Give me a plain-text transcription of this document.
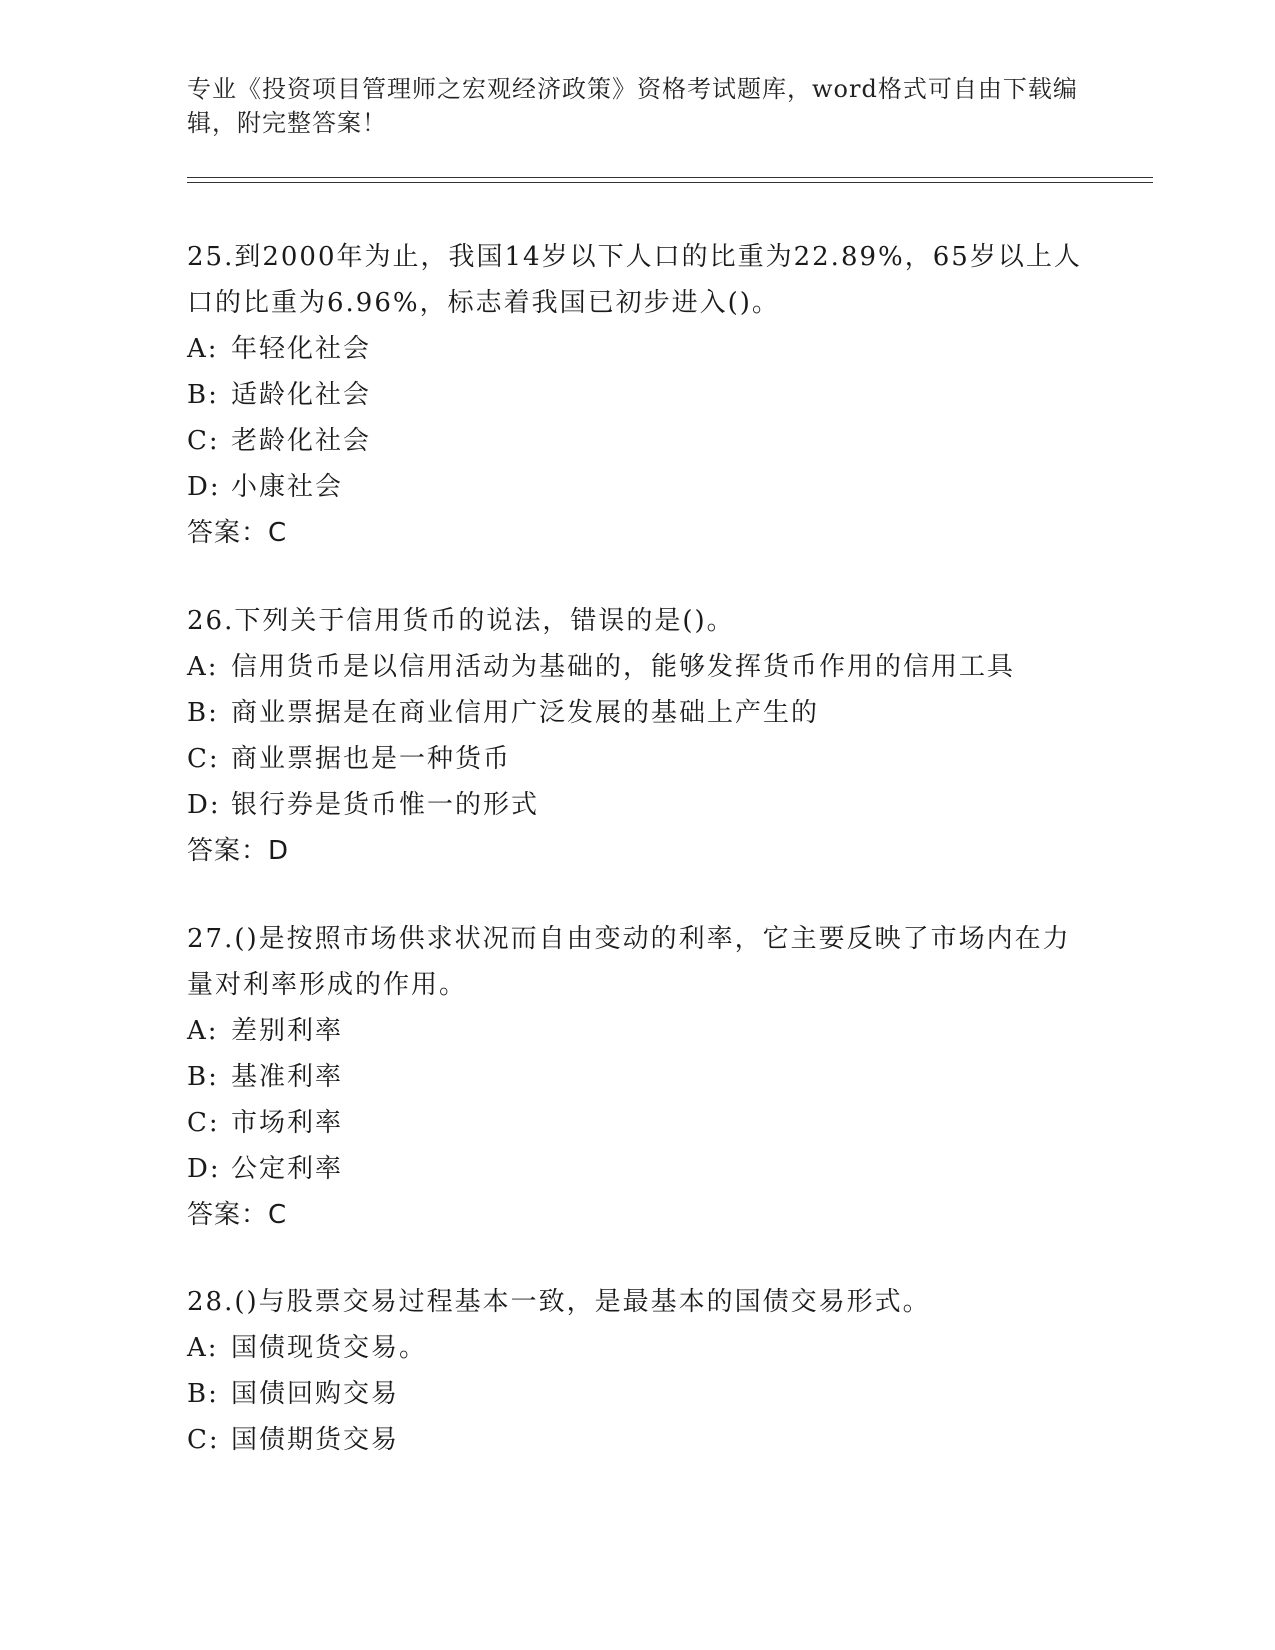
专业《投资项目管理师之宏观经济政策》资格考试题库，word格式可自由下载编辑，附完整答案！

25.到2000年为止，我国14岁以下人口的比重为22.89%，65岁以上人口的比重为6.96%，标志着我国已初步进入()。

A: 年轻化社会

B: 适龄化社会

C: 老龄化社会

D: 小康社会

答案：C

26.下列关于信用货币的说法，错误的是()。

A: 信用货币是以信用活动为基础的，能够发挥货币作用的信用工具

B: 商业票据是在商业信用广泛发展的基础上产生的

C: 商业票据也是一种货币

D: 银行券是货币惟一的形式

答案：D

27.()是按照市场供求状况而自由变动的利率，它主要反映了市场内在力量对利率形成的作用。

A: 差别利率

B: 基准利率

C: 市场利率

D: 公定利率

答案：C

28.()与股票交易过程基本一致，是最基本的国债交易形式。

A: 国债现货交易。

B: 国债回购交易

C: 国债期货交易
